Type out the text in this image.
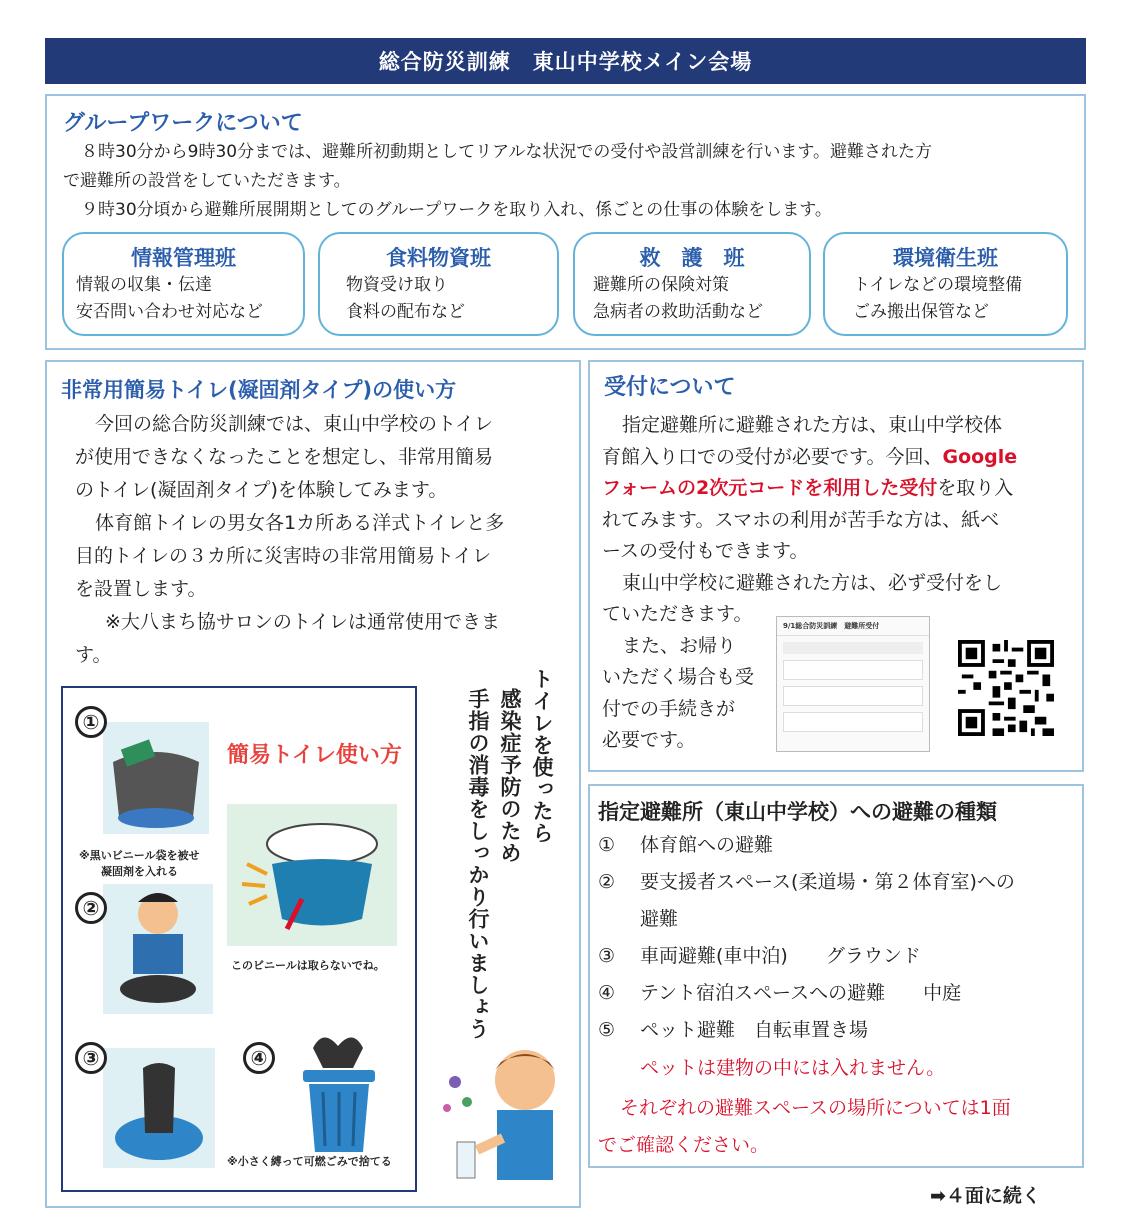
総合防災訓練　東山中学校メイン会場
グループワークについて
８時30分から9時30分までは、避難所初動期としてリアルな状況での受付や設営訓練を行います。避難された方
で避難所の設営をしていただきます。
９時30分頃から避難所展開期としてのグループワークを取り入れ、係ごとの仕事の体験をします。
情報管理班
情報の収集・伝達
安否問い合わせ対応など
食料物資班
物資受け取り
食料の配布など
救　護　班
避難所の保険対策
急病者の救助活動など
環境衛生班
トイレなどの環境整備
ごみ搬出保管など
非常用簡易トイレ(凝固剤タイプ)の使い方
今回の総合防災訓練では、東山中学校のトイレ
が使用できなくなったことを想定し、非常用簡易
のトイレ(凝固剤タイプ)を体験してみます。
体育館トイレの男女各1カ所ある洋式トイレと多
目的トイレの３カ所に災害時の非常用簡易トイレ
を設置します。
※大八まち協サロンのトイレは通常使用できま
す。
①
※黒いビニール袋を被せ
凝固剤を入れる
簡易トイレ使い方
このビニールは取らないでね。
②
③	④
※小さく縛って可燃ごみで捨てる
トイレを使ったら
感染症予防のため
手指の消毒をしっかり行いましょう
受付について
指定避難所に避難された方は、東山中学校体
育館入り口での受付が必要です。今回、Google
フォームの2次元コードを利用した受付を取り入
れてみます。スマホの利用が苦手な方は、紙ベ
ースの受付もできます。
東山中学校に避難された方は、必ず受付をし
ていただきます。
また、お帰り
いただく場合も受
付での手続きが
必要です。
9/1総合防災訓練　避難所受付
指定避難所（東山中学校）への避難の種類
① 体育館への避難
② 要支援者スペース(柔道場・第２体育室)への
避難
③ 車両避難(車中泊)　　グラウンド
④ テント宿泊スペースへの避難　　中庭
⑤ ペット避難　自転車置き場
ペットは建物の中には入れません。
それぞれの避難スペースの場所については1面
でご確認ください。
➡４面に続く
